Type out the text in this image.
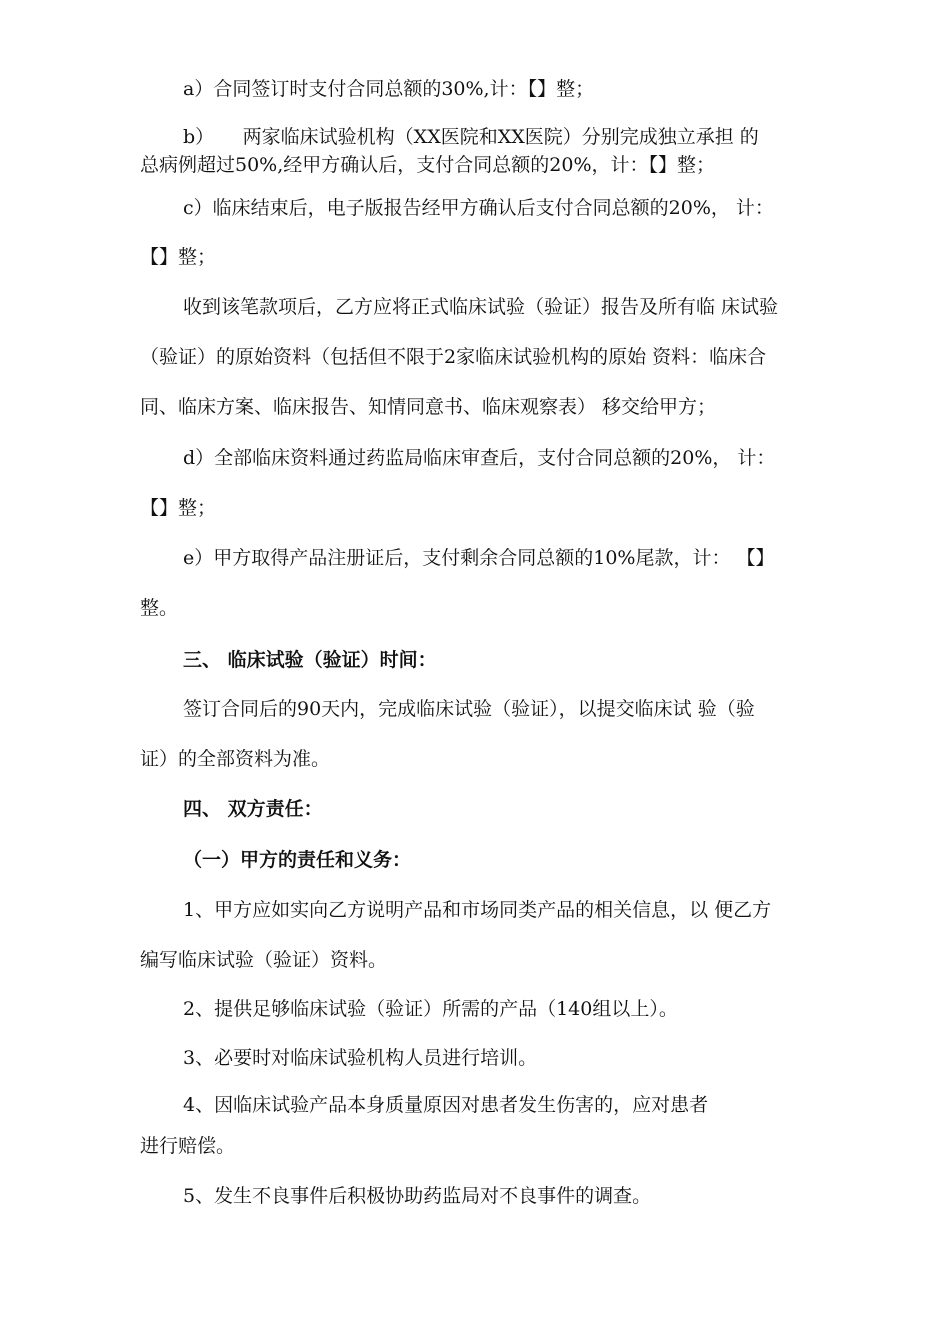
a）合同签订时支付合同总额的30%,计：【】整；
b）　　两家临床试验机构（XX医院和XX医院）分别完成独立承担 的
总病例超过50%,经甲方确认后，支付合同总额的20%，计：【】整；
c）临床结束后，电子版报告经甲方确认后支付合同总额的20%， 计：
【】整；
收到该笔款项后，乙方应将正式临床试验（验证）报告及所有临 床试验
（验证）的原始资料（包括但不限于2家临床试验机构的原始 资料：临床合
同、临床方案、临床报告、知情同意书、临床观察表） 移交给甲方；
d）全部临床资料通过药监局临床审查后，支付合同总额的20%， 计：
【】整；
e）甲方取得产品注册证后，支付剩余合同总额的10%尾款，计： 【】
整。
三、 临床试验（验证）时间：
签订合同后的90天内，完成临床试验（验证），以提交临床试 验（验
证）的全部资料为准。
四、 双方责任：
（一）甲方的责任和义务：
1、甲方应如实向乙方说明产品和市场同类产品的相关信息，以 便乙方
编写临床试验（验证）资料。
2、提供足够临床试验（验证）所需的产品（140组以上）。
3、必要时对临床试验机构人员进行培训。
4、因临床试验产品本身质量原因对患者发生伤害的，应对患者
进行赔偿。
5、发生不良事件后积极协助药监局对不良事件的调查。
